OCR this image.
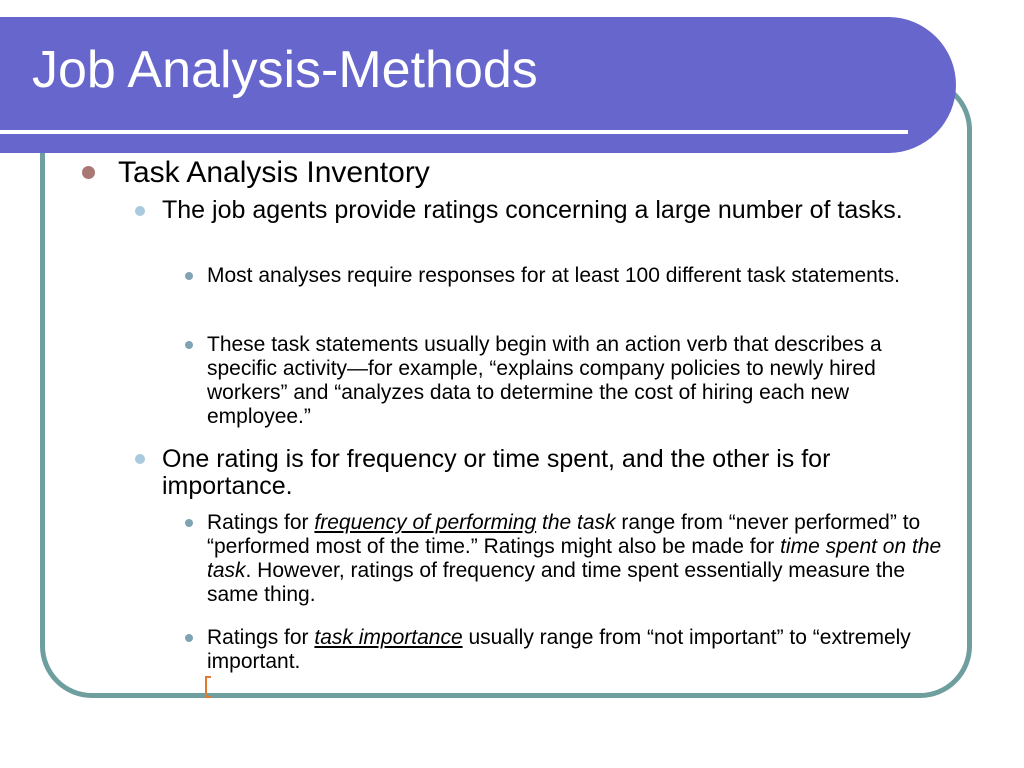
Job Analysis-Methods

Task Analysis Inventory

The job agents provide ratings concerning a large number of tasks.

Most analyses require responses for at least 100 different task statements.

These task statements usually begin with an action verb that describes a specific activity—for example, “explains company policies to newly hired workers” and “analyzes data to determine the cost of hiring each new employee.”

One rating is for frequency or time spent, and the other is for importance.

Ratings for frequency of performing the task range from “never performed” to “performed most of the time.” Ratings might also be made for time spent on the task. However, ratings of frequency and time spent essentially measure the same thing.

Ratings for task importance usually range from “not important” to “extremely important.
